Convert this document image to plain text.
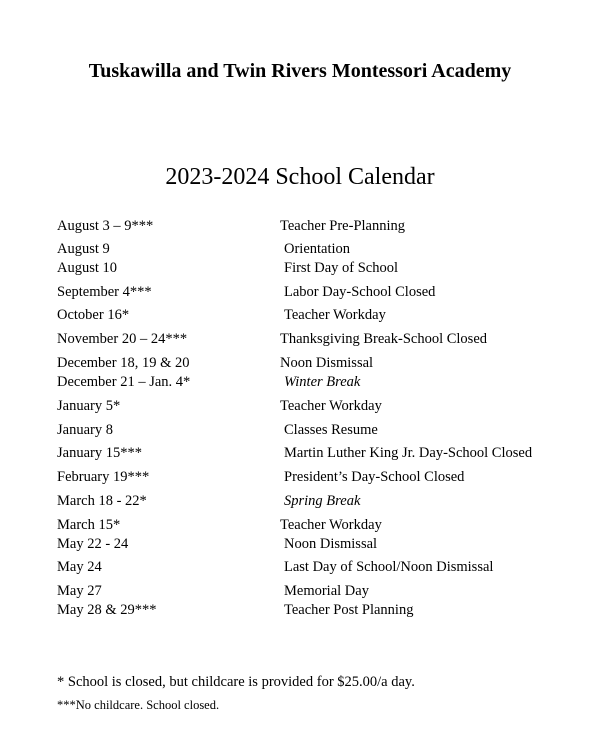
Tuskawilla and Twin Rivers Montessori Academy
2023-2024 School Calendar
August 3 – 9***	Teacher Pre-Planning
August 9	Orientation
August 10	First Day of School
September 4***	Labor Day-School Closed
October 16*	Teacher Workday
November 20 – 24***	Thanksgiving Break-School Closed
December 18, 19 & 20	Noon Dismissal
December 21 – Jan. 4*	Winter Break
January 5*	Teacher Workday
January 8	Classes Resume
January 15***	Martin Luther King Jr. Day-School Closed
February 19***	President’s Day-School Closed
March 18 - 22*	Spring Break
March 15*	Teacher Workday
May 22 - 24	Noon Dismissal
May 24	Last Day of School/Noon Dismissal
May 27	Memorial Day
May 28 & 29***	Teacher Post Planning
* School is closed, but childcare is provided for $25.00/a day.
***No childcare. School closed.
